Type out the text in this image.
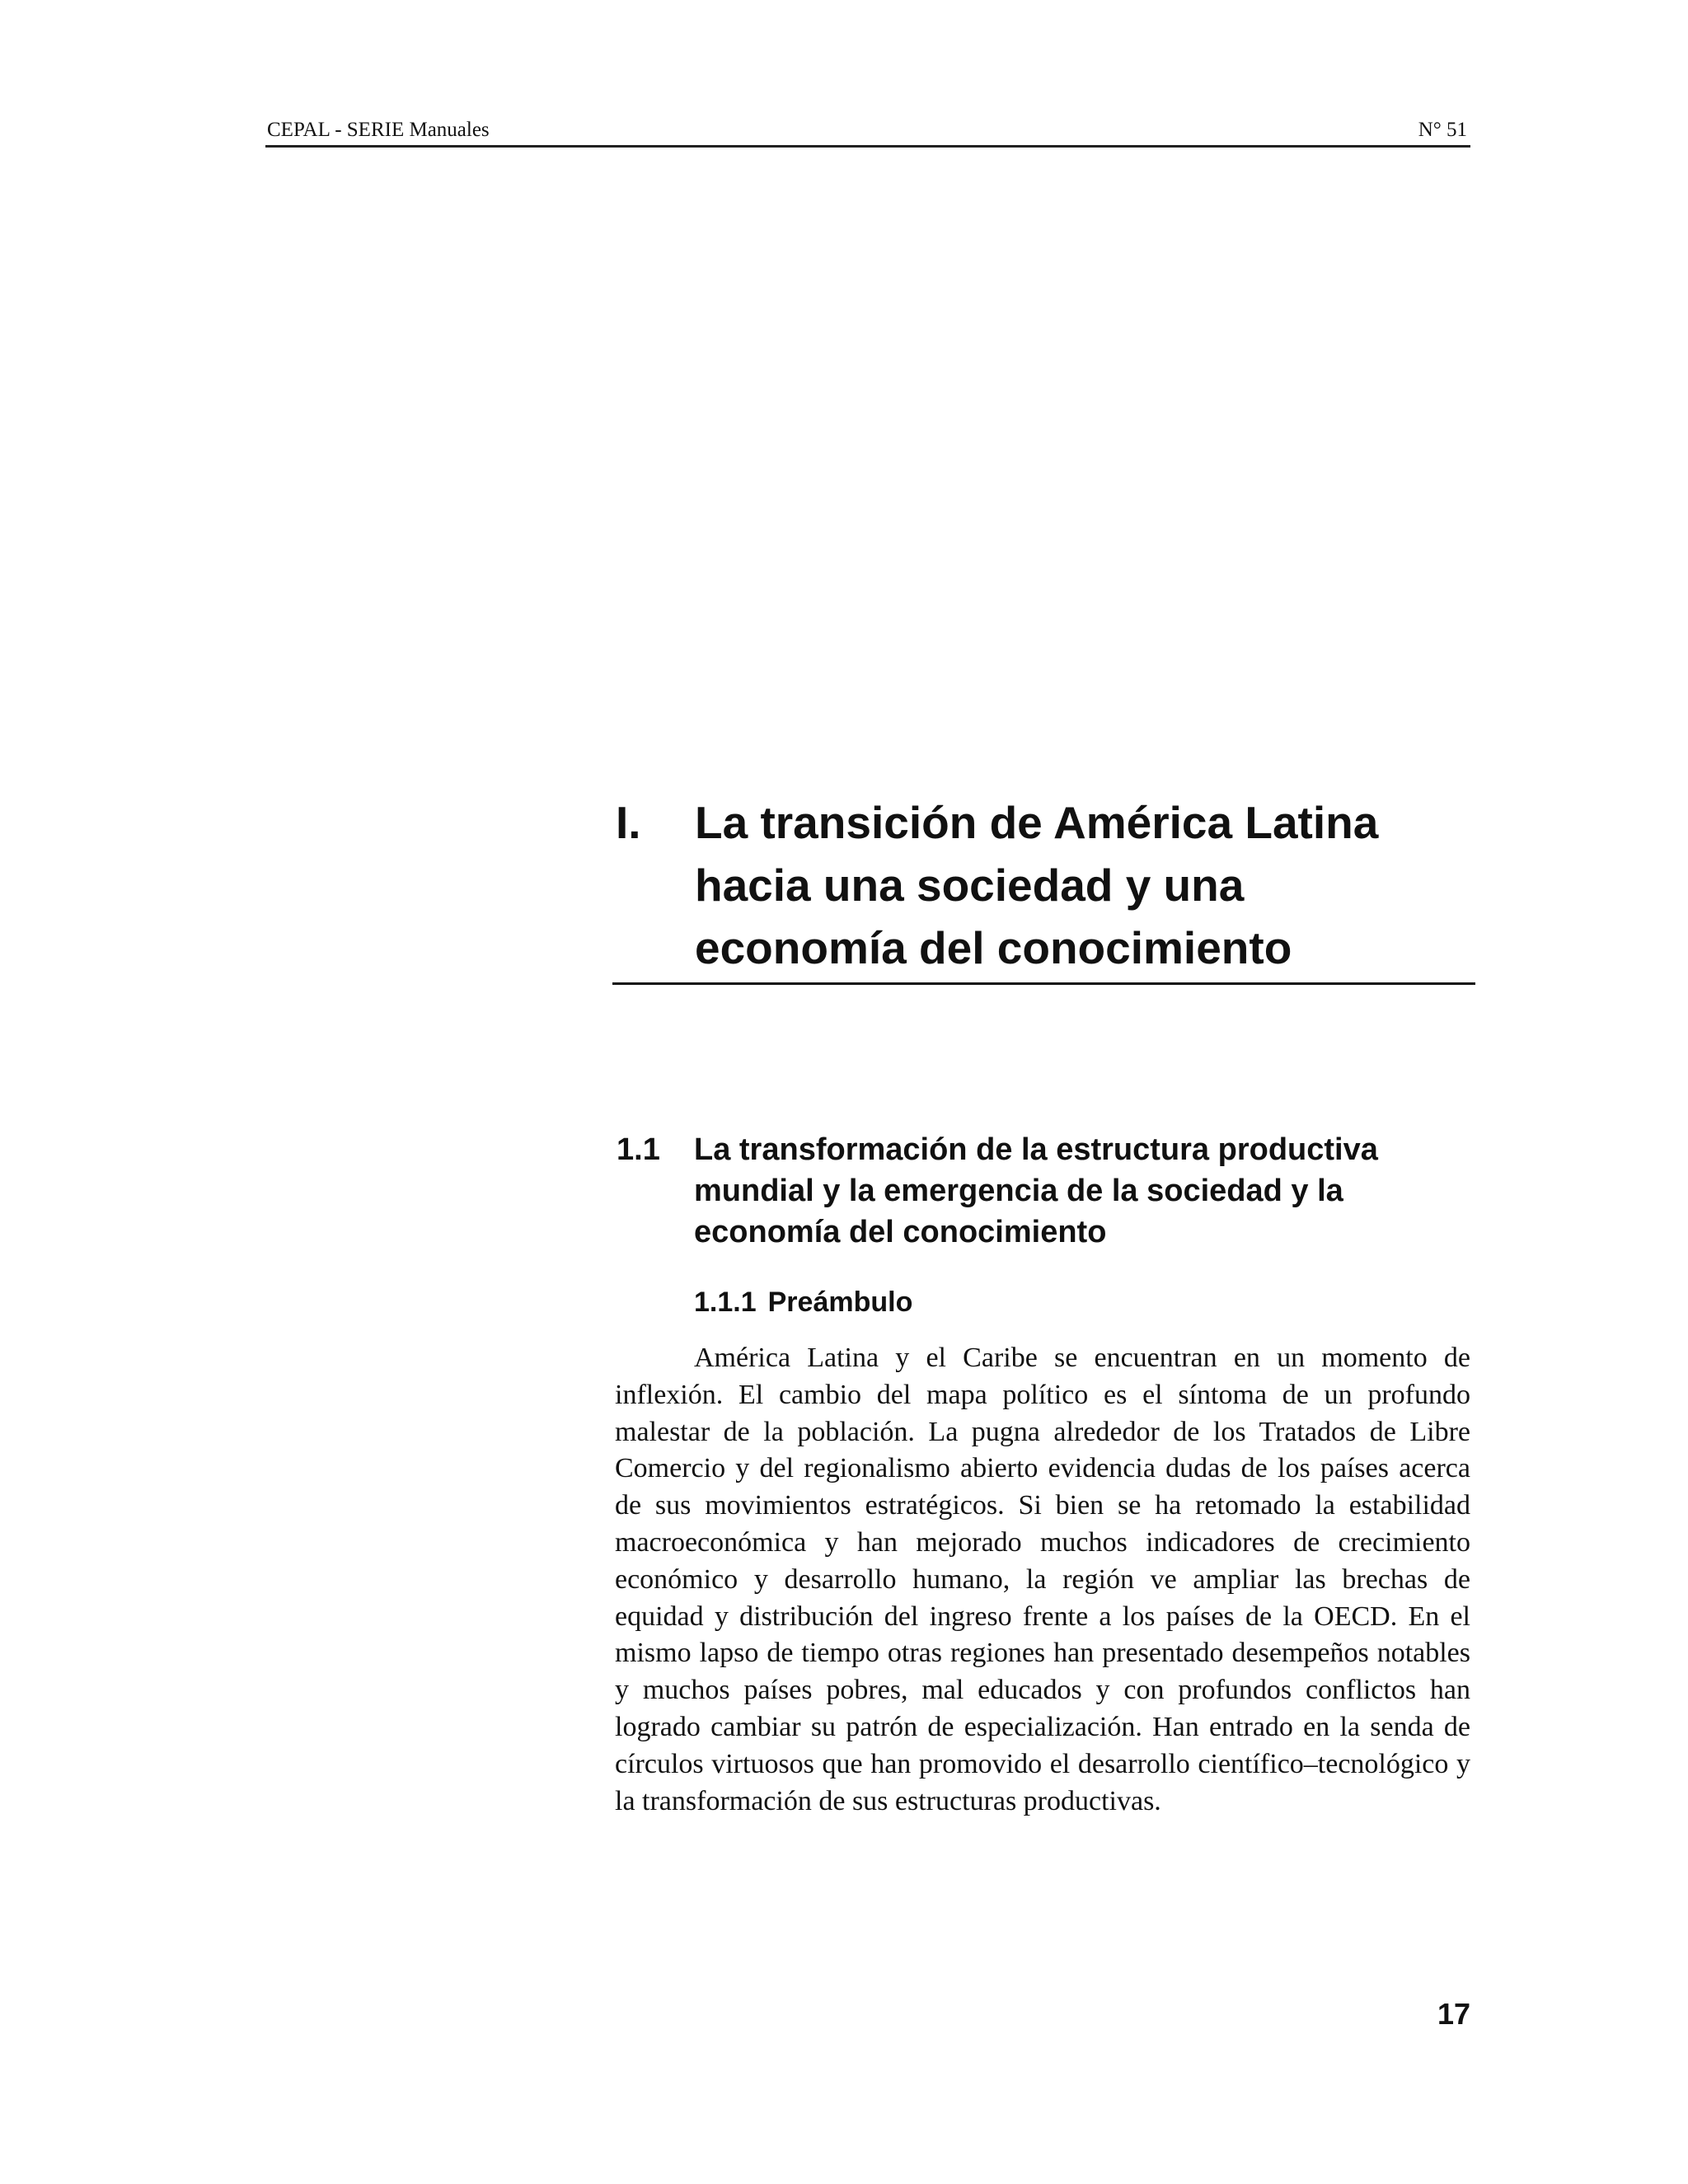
CEPAL - SERIE Manuales	N° 51
I. La transición de América Latina hacia una sociedad y una economía del conocimiento
1.1 La transformación de la estructura productiva mundial y la emergencia de la sociedad y la economía del conocimiento
1.1.1 Preámbulo

América Latina y el Caribe se encuentran en un momento de inflexión. El cambio del mapa político es el síntoma de un profundo malestar de la población. La pugna alrededor de los Tratados de Libre Comercio y del regionalismo abierto evidencia dudas de los países acerca de sus movimientos estratégicos. Si bien se ha retomado la estabilidad macroeconómica y han mejorado muchos indicadores de crecimiento económico y desarrollo humano, la región ve ampliar las brechas de equidad y distribución del ingreso frente a los países de la OECD. En el mismo lapso de tiempo otras regiones han presentado desempeños notables y muchos países pobres, mal educados y con profundos conflictos han logrado cambiar su patrón de especialización. Han entrado en la senda de círculos virtuosos que han promovido el desarrollo científico–tecnológico y la transformación de sus estructuras productivas.

17
